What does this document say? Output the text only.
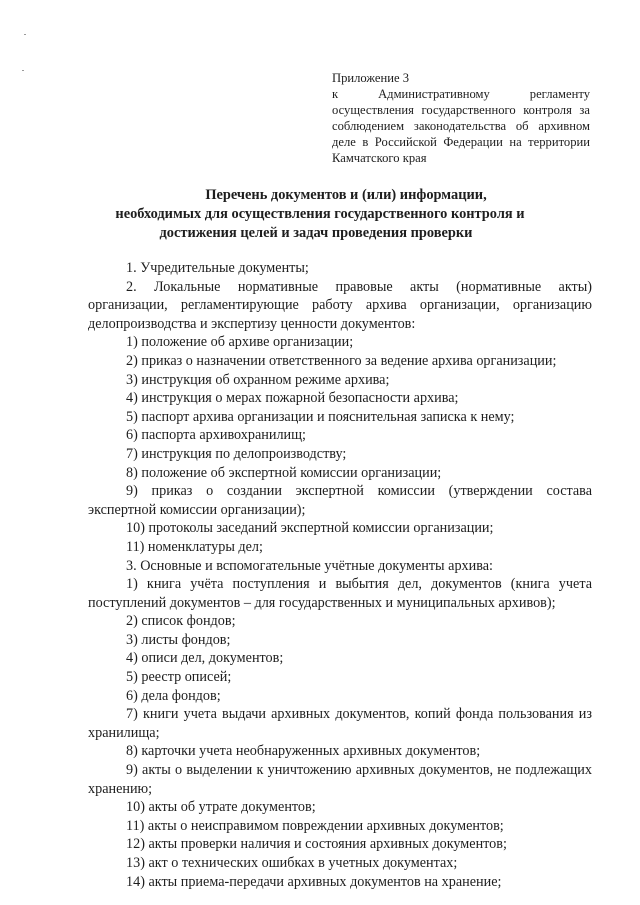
Приложение 3
к Административному регламенту
осуществления государственного контроля за
соблюдением законодательства об архивном
деле в Российской Федерации на территории
Камчатского края
Перечень документов и (или) информации,
необходимых для осуществления государственного контроля и
достижения целей и задач проведения проверки

1. Учредительные документы;

2. Локальные нормативные правовые акты (нормативные акты) организации, регламентирующие работу архива организации, организацию делопроизводства и экспертизу ценности документов:

1) положение об архиве организации;

2) приказ о назначении ответственного за ведение архива организации;

3) инструкция об охранном режиме архива;

4) инструкция о мерах пожарной безопасности архива;

5) паспорт архива организации и пояснительная записка к нему;

6) паспорта архивохранилищ;

7) инструкция по делопроизводству;

8) положение об экспертной комиссии организации;

9) приказ о создании экспертной комиссии (утверждении состава экспертной комиссии организации);

10) протоколы заседаний экспертной комиссии организации;

11) номенклатуры дел;

3. Основные и вспомогательные учётные документы архива:

1) книга учёта поступления и выбытия дел, документов (книга учета поступлений документов – для государственных и муниципальных архивов);

2) список фондов;

3) листы фондов;

4) описи дел, документов;

5) реестр описей;

6) дела фондов;

7) книги учета выдачи архивных документов, копий фонда пользования из хранилища;

8) карточки учета необнаруженных архивных документов;

9) акты о выделении к уничтожению архивных документов, не подлежащих хранению;

10) акты об утрате документов;

11) акты о неисправимом повреждении архивных документов;

12) акты проверки наличия и состояния архивных документов;

13) акт о технических ошибках в учетных документах;

14) акты приема-передачи архивных документов на хранение;
